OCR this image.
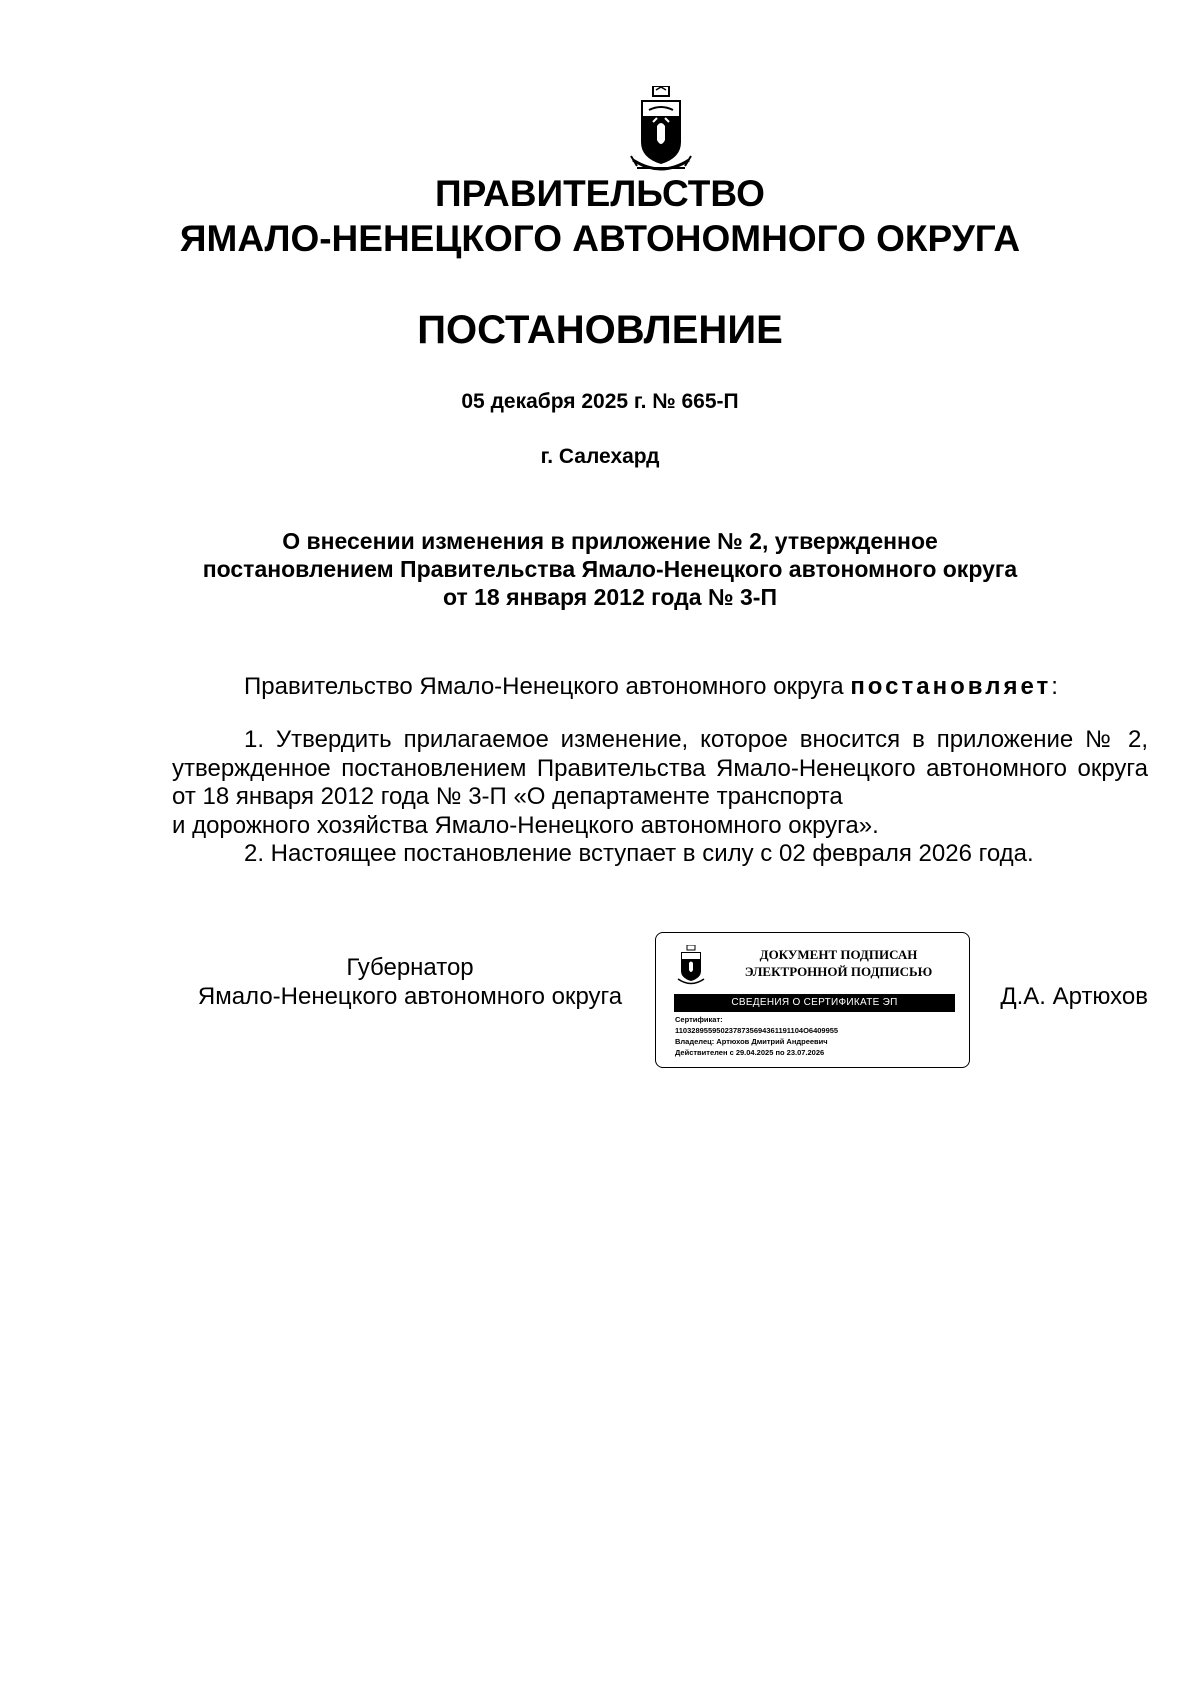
ПРАВИТЕЛЬСТВО
ЯМАЛО-НЕНЕЦКОГО АВТОНОМНОГО ОКРУГА
ПОСТАНОВЛЕНИЕ
05 декабря 2025 г. № 665-П
г. Салехард
О внесении изменения в приложение № 2, утвержденное
постановлением Правительства Ямало-Ненецкого автономного округа
от 18 января 2012 года № 3-П
Правительство Ямало-Ненецкого автономного округа постановляет:

1. Утвердить прилагаемое изменение, которое вносится в приложение № 2, утвержденное постановлением Правительства Ямало-Ненецкого автономного округа от 18 января 2012 года № 3-П «О департаменте транспорта
и дорожного хозяйства Ямало-Ненецкого автономного округа».

2. Настоящее постановление вступает в силу с 02 февраля 2026 года.
Губернатор
Ямало-Ненецкого автономного округа
ДОКУМЕНТ ПОДПИСАН
ЭЛЕКТРОННОЙ ПОДПИСЬЮ
СВЕДЕНИЯ О СЕРТИФИКАТЕ ЭП
Сертификат:
1103289559502378735694361191104O6409955
Владелец: Артюхов Дмитрий Андреевич
Действителен с 29.04.2025 по 23.07.2026
Д.А. Артюхов
